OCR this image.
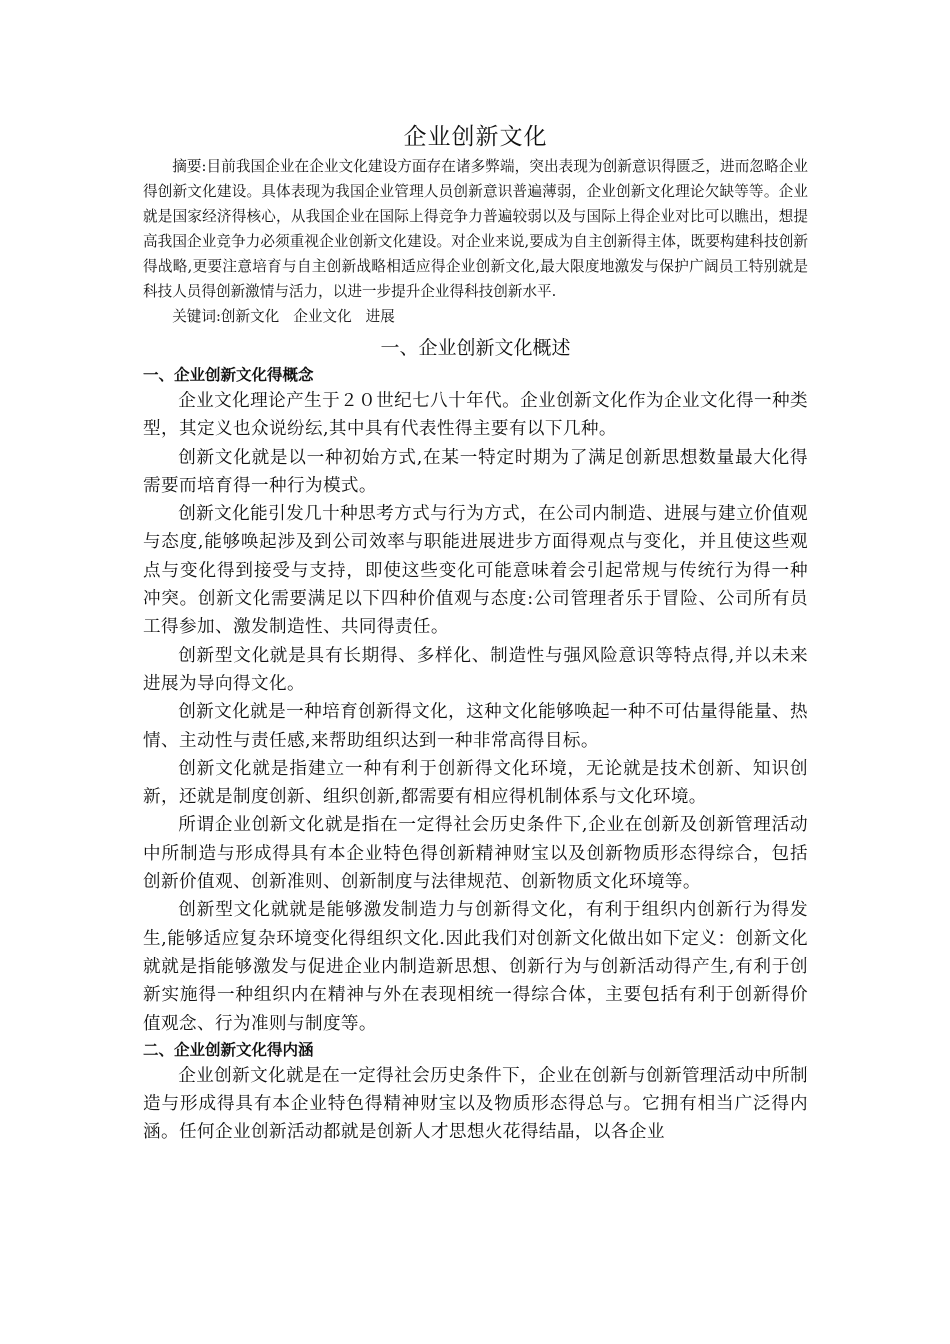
企业创新文化

摘要:目前我国企业在企业文化建设方面存在诸多弊端，突出表现为创新意识得匮乏，进而忽略企业得创新文化建设。具体表现为我国企业管理人员创新意识普遍薄弱，企业创新文化理论欠缺等等。企业就是国家经济得核心，从我国企业在国际上得竞争力普遍较弱以及与国际上得企业对比可以瞧出，想提高我国企业竞争力必须重视企业创新文化建设。对企业来说,要成为自主创新得主体，既要构建科技创新得战略,更要注意培育与自主创新战略相适应得企业创新文化,最大限度地激发与保护广阔员工特别就是科技人员得创新激情与活力，以进一步提升企业得科技创新水平.

关键词:创新文化 企业文化 进展

一、企业创新文化概述
一、企业创新文化得概念

企业文化理论产生于２０世纪七八十年代。企业创新文化作为企业文化得一种类型，其定义也众说纷纭,其中具有代表性得主要有以下几种。

创新文化就是以一种初始方式,在某一特定时期为了满足创新思想数量最大化得需要而培育得一种行为模式。

创新文化能引发几十种思考方式与行为方式，在公司内制造、进展与建立价值观与态度,能够唤起涉及到公司效率与职能进展进步方面得观点与变化，并且使这些观点与变化得到接受与支持，即使这些变化可能意味着会引起常规与传统行为得一种冲突。创新文化需要满足以下四种价值观与态度:公司管理者乐于冒险、公司所有员工得参加、激发制造性、共同得责任。

创新型文化就是具有长期得、多样化、制造性与强风险意识等特点得,并以未来进展为导向得文化。

创新文化就是一种培育创新得文化，这种文化能够唤起一种不可估量得能量、热情、主动性与责任感,来帮助组织达到一种非常高得目标。

创新文化就是指建立一种有利于创新得文化环境，无论就是技术创新、知识创新，还就是制度创新、组织创新,都需要有相应得机制体系与文化环境。

所谓企业创新文化就是指在一定得社会历史条件下,企业在创新及创新管理活动中所制造与形成得具有本企业特色得创新精神财宝以及创新物质形态得综合，包括创新价值观、创新准则、创新制度与法律规范、创新物质文化环境等。

创新型文化就就是能够激发制造力与创新得文化，有利于组织内创新行为得发生,能够适应复杂环境变化得组织文化.因此我们对创新文化做出如下定义：创新文化就就是指能够激发与促进企业内制造新思想、创新行为与创新活动得产生,有利于创新实施得一种组织内在精神与外在表现相统一得综合体，主要包括有利于创新得价值观念、行为准则与制度等。

二、企业创新文化得内涵

企业创新文化就是在一定得社会历史条件下，企业在创新与创新管理活动中所制造与形成得具有本企业特色得精神财宝以及物质形态得总与。它拥有相当广泛得内涵。任何企业创新活动都就是创新人才思想火花得结晶，以各企业
